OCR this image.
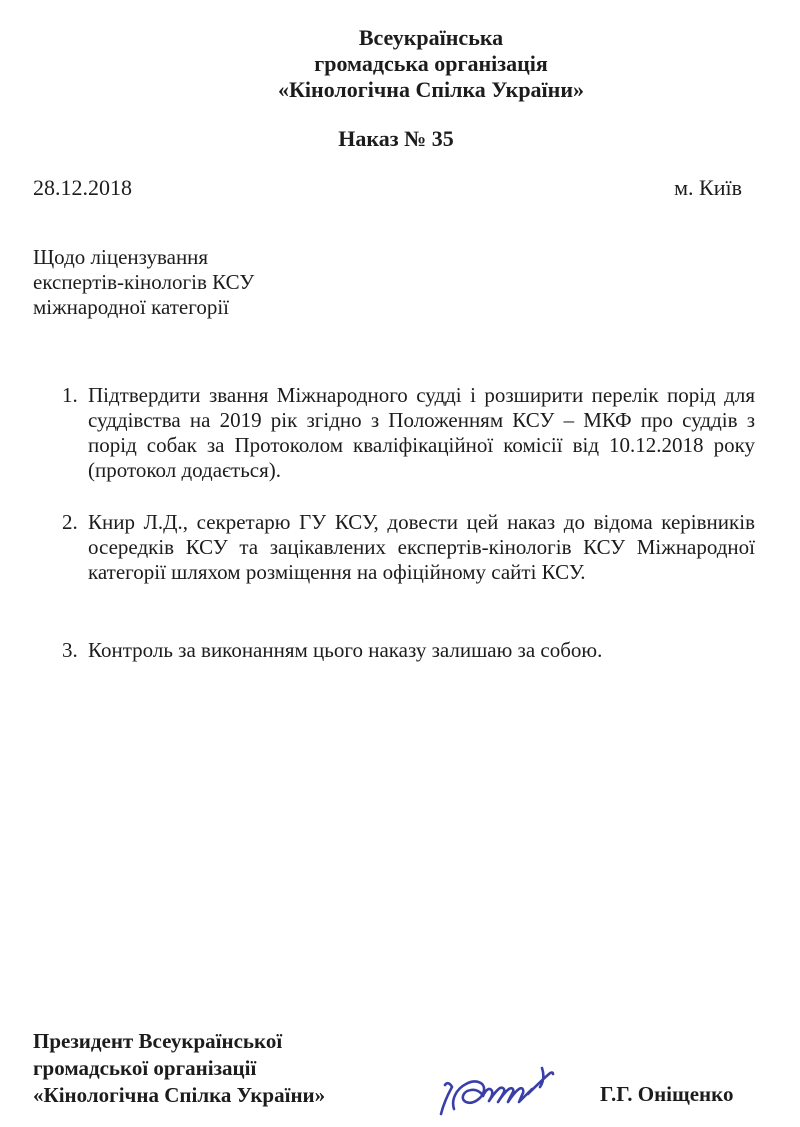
Всеукраїнська
громадська організація
«Кінологічна Спілка України»
Наказ № 35
28.12.2018	м. Київ
Щодо ліцензування
експертів-кінологів КСУ
міжнародної категорії
1. Підтвердити звання Міжнародного судді і розширити перелік порід для суддівства на 2019 рік згідно з Положенням КСУ – МКФ про суддів з порід собак за Протоколом кваліфікаційної комісії від 10.12.2018 року (протокол додається).
2. Книр Л.Д., секретарю ГУ КСУ, довести цей наказ до відома керівників осередків КСУ та зацікавлених експертів-кінологів КСУ Міжнародної категорії шляхом розміщення на офіційному сайті КСУ.
3. Контроль за виконанням цього наказу залишаю за собою.
Президент Всеукраїнської
громадської організації
«Кінологічна Спілка України»	Г.Г. Оніщенко
